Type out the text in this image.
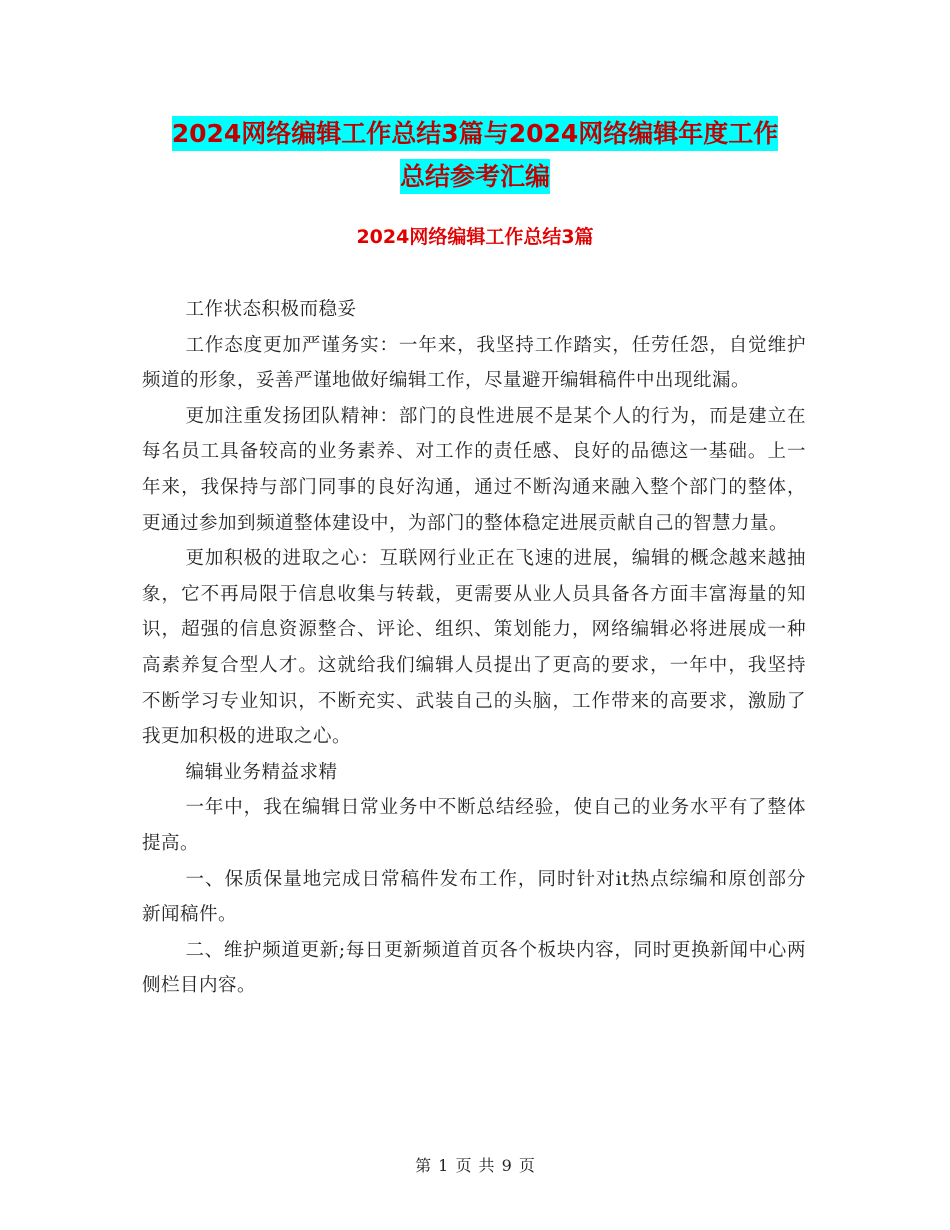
2024网络编辑工作总结3篇与2024网络编辑年度工作
总结参考汇编
2024网络编辑工作总结3篇

工作状态积极而稳妥

工作态度更加严谨务实：一年来，我坚持工作踏实，任劳任怨，自觉维护频道的形象，妥善严谨地做好编辑工作，尽量避开编辑稿件中出现纰漏。

更加注重发扬团队精神：部门的良性进展不是某个人的行为，而是建立在每名员工具备较高的业务素养、对工作的责任感、良好的品德这一基础。上一年来，我保持与部门同事的良好沟通，通过不断沟通来融入整个部门的整体，更通过参加到频道整体建设中，为部门的整体稳定进展贡献自己的智慧力量。

更加积极的进取之心：互联网行业正在飞速的进展，编辑的概念越来越抽象，它不再局限于信息收集与转载，更需要从业人员具备各方面丰富海量的知识，超强的信息资源整合、评论、组织、策划能力，网络编辑必将进展成一种高素养复合型人才。这就给我们编辑人员提出了更高的要求，一年中，我坚持不断学习专业知识，不断充实、武装自己的头脑，工作带来的高要求，激励了我更加积极的进取之心。

编辑业务精益求精

一年中，我在编辑日常业务中不断总结经验，使自己的业务水平有了整体提高。

一、保质保量地完成日常稿件发布工作，同时针对it热点综编和原创部分新闻稿件。

二、维护频道更新;每日更新频道首页各个板块内容，同时更换新闻中心两侧栏目内容。

第 1 页 共 9 页
